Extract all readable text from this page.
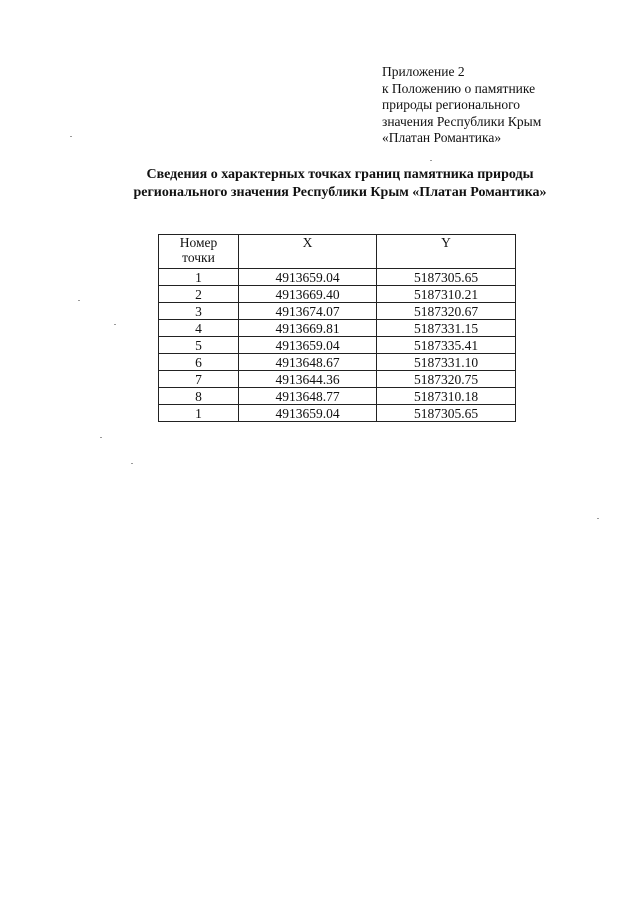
Приложение 2
к Положению о памятнике
природы регионального
значения Республики Крым
«Платан Романтика»
Сведения о характерных точках границ памятника природы
регионального значения Республики Крым «Платан Романтика»
Номер
точки	X	Y
1	4913659.04	5187305.65
2	4913669.40	5187310.21
3	4913674.07	5187320.67
4	4913669.81	5187331.15
5	4913659.04	5187335.41
6	4913648.67	5187331.10
7	4913644.36	5187320.75
8	4913648.77	5187310.18
1	4913659.04	5187305.65
